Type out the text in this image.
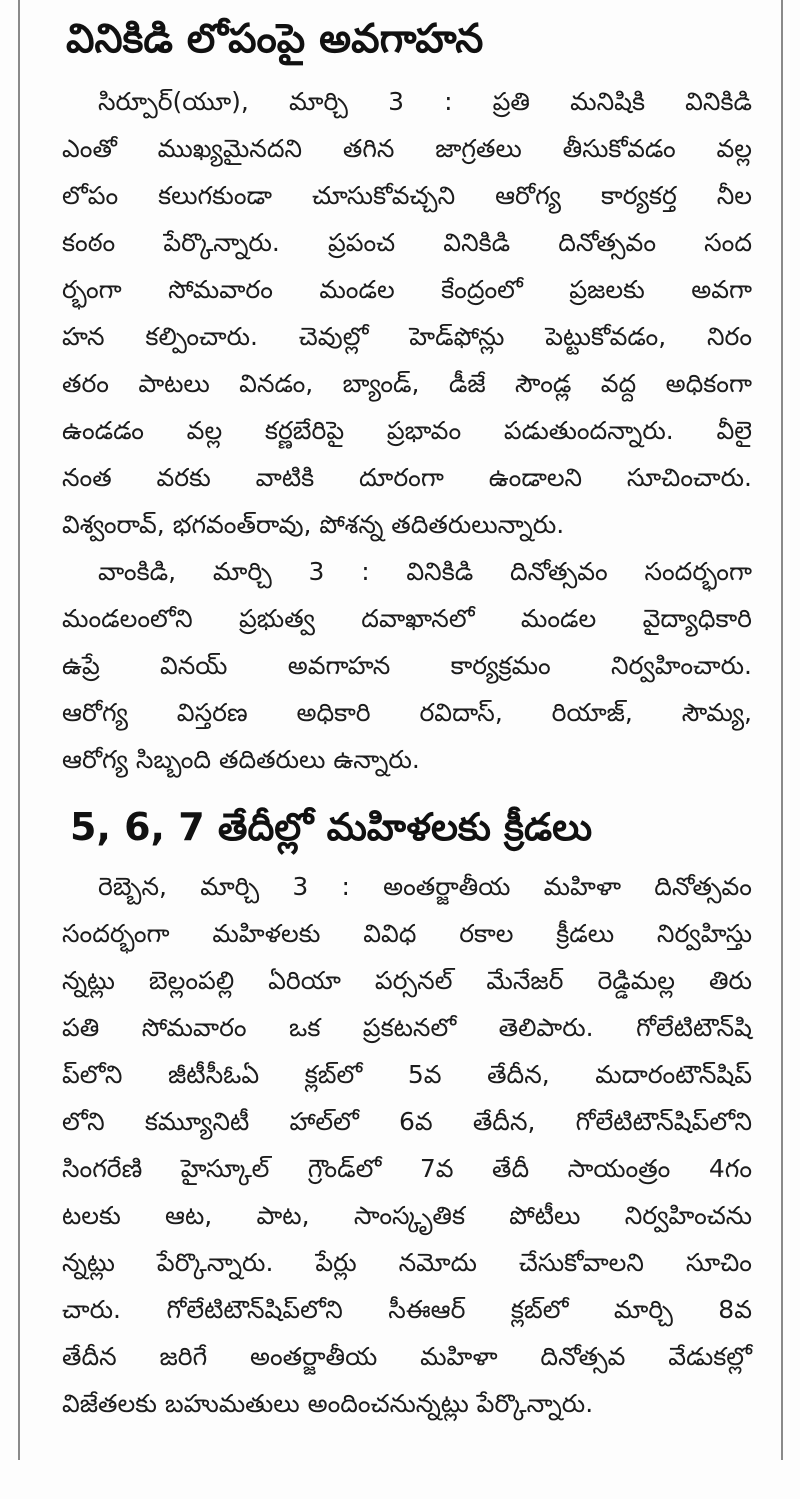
వినికిడి లోపంపై అవగాహన
సిర్పూర్(యూ), మార్చి 3 : ప్రతి మనిషికి వినికిడి
ఎంతో ముఖ్యమైనదని తగిన జాగ్రతలు తీసుకోవడం వల్ల
లోపం కలుగకుండా చూసుకోవచ్చని ఆరోగ్య కార్యకర్త నీల
కంఠం పేర్కొన్నారు. ప్రపంచ వినికిడి దినోత్సవం సంద
ర్భంగా సోమవారం మండల కేంద్రంలో ప్రజలకు అవగా
హన కల్పించారు. చెవుల్లో హెడ్‌ఫోన్లు పెట్టుకోవడం, నిరం
తరం పాటలు వినడం, బ్యాండ్, డీజే సౌండ్ల వద్ద అధికంగా
ఉండడం వల్ల కర్ణబేరిపై ప్రభావం పడుతుందన్నారు. వీలై
నంత వరకు వాటికి దూరంగా ఉండాలని సూచించారు.
విశ్వంరావ్, భగవంత్‌రావు, పోశన్న తదితరులున్నారు.
వాంకిడి, మార్చి 3 : వినికిడి దినోత్సవం సందర్భంగా
మండలంలోని ప్రభుత్వ దవాఖానలో మండల వైద్యాధికారి
ఉప్రే వినయ్ అవగాహన కార్యక్రమం నిర్వహించారు.
ఆరోగ్య విస్తరణ అధికారి రవిదాస్, రియాజ్, సౌమ్య,
ఆరోగ్య సిబ్బంది తదితరులు ఉన్నారు.
5, 6, 7 తేదీల్లో మహిళలకు క్రీడలు
రెబ్బెన, మార్చి 3 : అంతర్జాతీయ మహిళా దినోత్సవం
సందర్భంగా మహిళలకు వివిధ రకాల క్రీడలు నిర్వహిస్తు
న్నట్లు బెల్లంపల్లి ఏరియా పర్సనల్ మేనేజర్ రెడ్డిమల్ల తిరు
పతి సోమవారం ఒక ప్రకటనలో తెలిపారు. గోలేటిటౌన్‌షి
ప్‌లోని జీటీసీఓఏ క్లబ్‌లో 5వ తేదీన, మదారంటౌన్‌షిప్
లోని కమ్యూనిటీ హాల్‌లో 6వ తేదీన, గోలేటిటౌన్‌షిప్‌లోని
సింగరేణి హైస్కూల్ గ్రౌండ్‌లో 7వ తేదీ సాయంత్రం 4గం
టలకు ఆట, పాట, సాంస్కృతిక పోటీలు నిర్వహించను
న్నట్లు పేర్కొన్నారు. పేర్లు నమోదు చేసుకోవాలని సూచిం
చారు. గోలేటిటౌన్‌షిప్‌లోని సీఈఆర్ క్లబ్‌లో మార్చి 8వ
తేదీన జరిగే అంతర్జాతీయ మహిళా దినోత్సవ వేడుకల్లో
విజేతలకు బహుమతులు అందించనున్నట్లు పేర్కొన్నారు.
